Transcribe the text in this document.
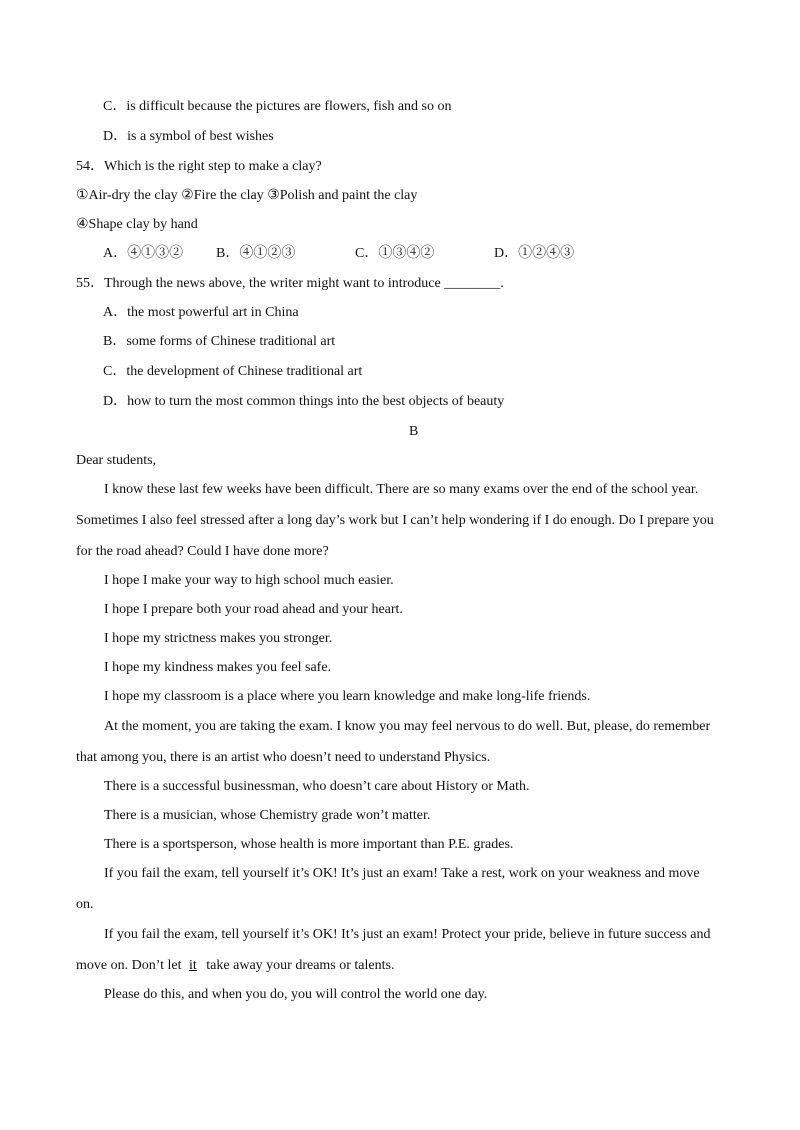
C．is difficult because the pictures are flowers, fish and so on
D．is a symbol of best wishes
54．Which is the right step to make a clay?
①Air-dry the clay ②Fire the clay ③Polish and paint the clay
④Shape clay by hand
A．④①③② B．④①②③	C．①③④②	D．①②④③
55．Through the news above, the writer might want to introduce ________.
A．the most powerful art in China
B．some forms of Chinese traditional art
C．the development of Chinese traditional art
D．how to turn the most common things into the best objects of beauty
B
Dear students,
I know these last few weeks have been difficult. There are so many exams over the end of the school year.
Sometimes I also feel stressed after a long day’s work but I can’t help wondering if I do enough. Do I prepare you
for the road ahead? Could I have done more?
I hope I make your way to high school much easier.
I hope I prepare both your road ahead and your heart.
I hope my strictness makes you stronger.
I hope my kindness makes you feel safe.
I hope my classroom is a place where you learn knowledge and make long-life friends.
At the moment, you are taking the exam. I know you may feel nervous to do well. But, please, do remember
that among you, there is an artist who doesn’t need to understand Physics.
There is a successful businessman, who doesn’t care about History or Math.
There is a musician, whose Chemistry grade won’t matter.
There is a sportsperson, whose health is more important than P.E. grades.
If you fail the exam, tell yourself it’s OK! It’s just an exam! Take a rest, work on your weakness and move
on.
If you fail the exam, tell yourself it’s OK! It’s just an exam! Protect your pride, believe in future success and
move on. Don’t let it take away your dreams or talents.
Please do this, and when you do, you will control the world one day.
